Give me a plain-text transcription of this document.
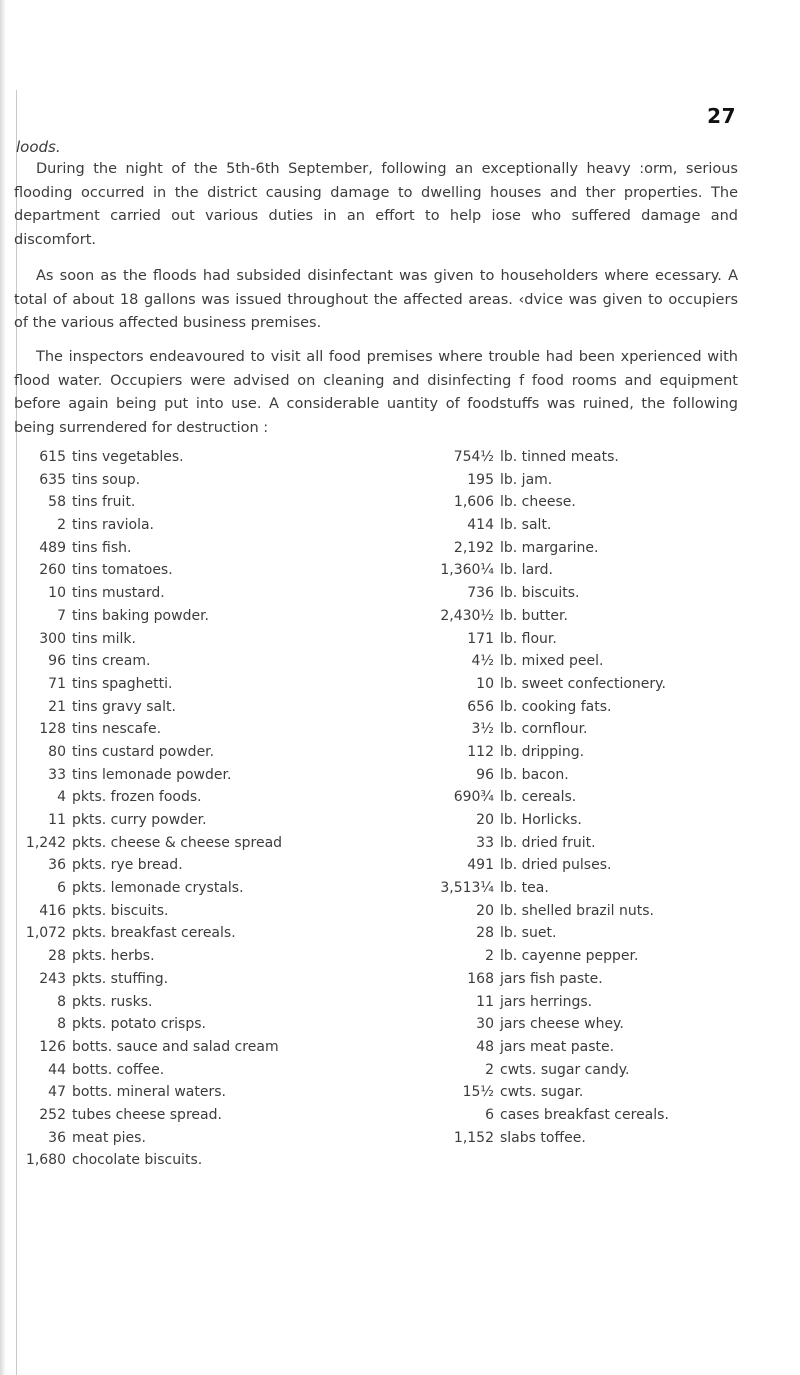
27
loods.

During the night of the 5th-6th September, following an exceptionally heavy :orm, serious flooding occurred in the district causing damage to dwelling houses and ther properties. The department carried out various duties in an effort to help iose who suffered damage and discomfort.

As soon as the floods had subsided disinfectant was given to householders where ecessary. A total of about 18 gallons was issued throughout the affected areas. ‹dvice was given to occupiers of the various affected business premises.

The inspectors endeavoured to visit all food premises where trouble had been xperienced with flood water. Occupiers were advised on cleaning and disinfecting f food rooms and equipment before again being put into use. A considerable uantity of foodstuffs was ruined, the following being surrendered for destruction :

615 tins vegetables.	754½ lb. tinned meats.
635 tins soup.	195 lb. jam.
58 tins fruit.	1,606 lb. cheese.
2 tins raviola.	414 lb. salt.
489 tins fish.	2,192 lb. margarine.
260 tins tomatoes.	1,360¼ lb. lard.
10 tins mustard.	736 lb. biscuits.
7 tins baking powder.	2,430½ lb. butter.
300 tins milk.	171 lb. flour.
96 tins cream.	4½ lb. mixed peel.
71 tins spaghetti.	10 lb. sweet confectionery.
21 tins gravy salt.	656 lb. cooking fats.
128 tins nescafe.	3½ lb. cornflour.
80 tins custard powder.	112 lb. dripping.
33 tins lemonade powder.	96 lb. bacon.
4 pkts. frozen foods.	690¾ lb. cereals.
11 pkts. curry powder.	20 lb. Horlicks.
1,242 pkts. cheese & cheese spread	33 lb. dried fruit.
36 pkts. rye bread.	491 lb. dried pulses.
6 pkts. lemonade crystals.	3,513¼ lb. tea.
416 pkts. biscuits.	20 lb. shelled brazil nuts.
1,072 pkts. breakfast cereals.	28 lb. suet.
28 pkts. herbs.	2 lb. cayenne pepper.
243 pkts. stuffing.	168 jars fish paste.
8 pkts. rusks.	11 jars herrings.
8 pkts. potato crisps.	30 jars cheese whey.
126 botts. sauce and salad cream	48 jars meat paste.
44 botts. coffee.	2 cwts. sugar candy.
47 botts. mineral waters.	15½ cwts. sugar.
252 tubes cheese spread.	6 cases breakfast cereals.
36 meat pies.	1,152 slabs toffee.
1,680 chocolate biscuits.
